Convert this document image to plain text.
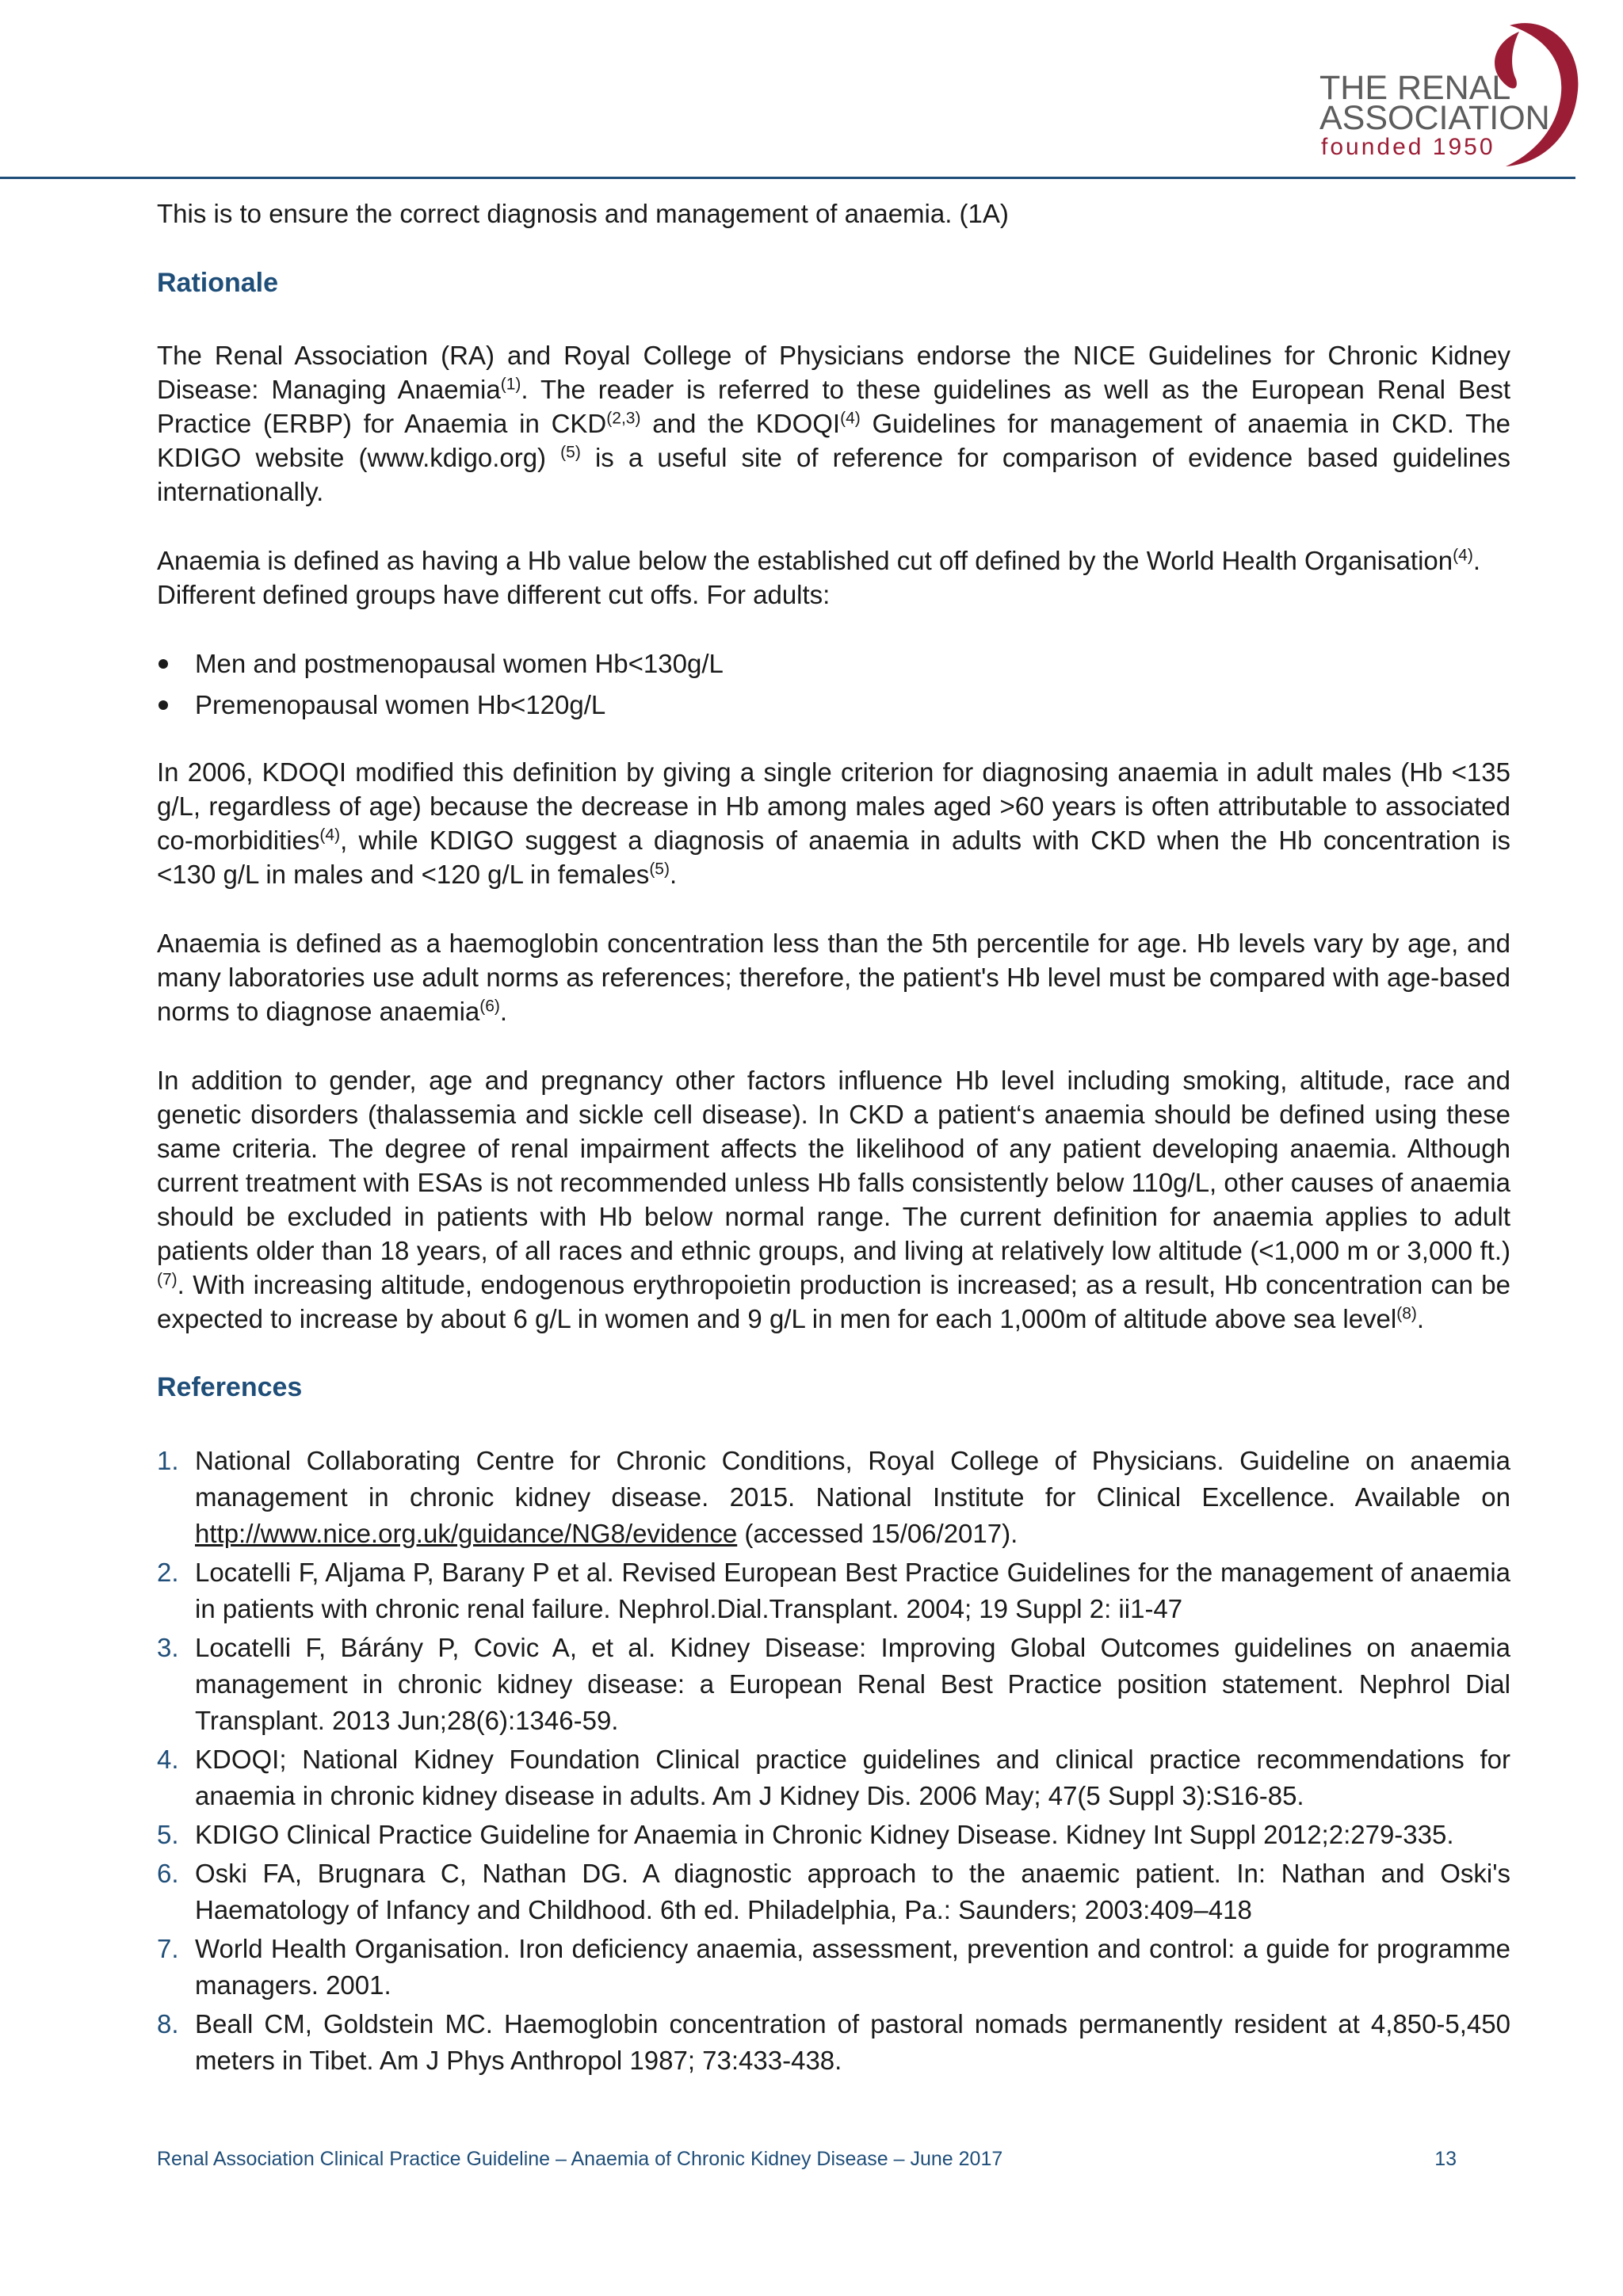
THE RENAL
ASSOCIATION
founded 1950

This is to ensure the correct diagnosis and management of anaemia. (1A)

Rationale

The Renal Association (RA) and Royal College of Physicians endorse the NICE Guidelines for Chronic Kidney Disease: Managing Anaemia$^{(1)}$. The reader is referred to these guidelines as well as the European Renal Best Practice (ERBP) for Anaemia in CKD$^{(2,3)}$ and the KDOQI$^{(4)}$ Guidelines for management of anaemia in CKD. The KDIGO website (www.kdigo.org) $^{(5)}$ is a useful site of reference for comparison of evidence based guidelines internationally.

Anaemia is defined as having a Hb value below the established cut off defined by the World Health Organisation$^{(4)}$. Different defined groups have different cut offs. For adults:

Men and postmenopausal women Hb<130g/L
Premenopausal women Hb<120g/L

In 2006, KDOQI modified this definition by giving a single criterion for diagnosing anaemia in adult males (Hb <135 g/L, regardless of age) because the decrease in Hb among males aged >60 years is often attributable to associated co-morbidities$^{(4)}$, while KDIGO suggest a diagnosis of anaemia in adults with CKD when the Hb concentration is <130 g/L in males and <120 g/L in females$^{(5)}$.

Anaemia is defined as a haemoglobin concentration less than the 5th percentile for age. Hb levels vary by age, and many laboratories use adult norms as references; therefore, the patient's Hb level must be compared with age-based norms to diagnose anaemia$^{(6)}$.

In addition to gender, age and pregnancy other factors influence Hb level including smoking, altitude, race and genetic disorders (thalassemia and sickle cell disease). In CKD a patient‘s anaemia should be defined using these same criteria. The degree of renal impairment affects the likelihood of any patient developing anaemia. Although current treatment with ESAs is not recommended unless Hb falls consistently below 110g/L, other causes of anaemia should be excluded in patients with Hb below normal range. The current definition for anaemia applies to adult patients older than 18 years, of all races and ethnic groups, and living at relatively low altitude (<1,000 m or 3,000 ft.) $^{(7)}$. With increasing altitude, endogenous erythropoietin production is increased; as a result, Hb concentration can be expected to increase by about 6 g/L in women and 9 g/L in men for each 1,000m of altitude above sea level$^{(8)}$.

References
1. National Collaborating Centre for Chronic Conditions, Royal College of Physicians. Guideline on anaemia management in chronic kidney disease. 2015. National Institute for Clinical Excellence. Available on http://www.nice.org.uk/guidance/NG8/evidence (accessed 15/06/2017).
2. Locatelli F, Aljama P, Barany P et al. Revised European Best Practice Guidelines for the management of anaemia in patients with chronic renal failure. Nephrol.Dial.Transplant. 2004; 19 Suppl 2: ii1-47
3. Locatelli F, Bárány P, Covic A, et al. Kidney Disease: Improving Global Outcomes guidelines on anaemia management in chronic kidney disease: a European Renal Best Practice position statement. Nephrol Dial Transplant. 2013 Jun;28(6):1346-59.
4. KDOQI; National Kidney Foundation Clinical practice guidelines and clinical practice recommendations for anaemia in chronic kidney disease in adults. Am J Kidney Dis. 2006 May; 47(5 Suppl 3):S16-85.
5. KDIGO Clinical Practice Guideline for Anaemia in Chronic Kidney Disease. Kidney Int Suppl 2012;2:279-335.
6. Oski FA, Brugnara C, Nathan DG. A diagnostic approach to the anaemic patient. In: Nathan and Oski's Haematology of Infancy and Childhood. 6th ed. Philadelphia, Pa.: Saunders; 2003:409–418
7. World Health Organisation. Iron deficiency anaemia, assessment, prevention and control: a guide for programme managers. 2001.
8. Beall CM, Goldstein MC. Haemoglobin concentration of pastoral nomads permanently resident at 4,850-5,450 meters in Tibet. Am J Phys Anthropol 1987; 73:433-438.
Renal Association Clinical Practice Guideline – Anaemia of Chronic Kidney Disease – June 2017	13
